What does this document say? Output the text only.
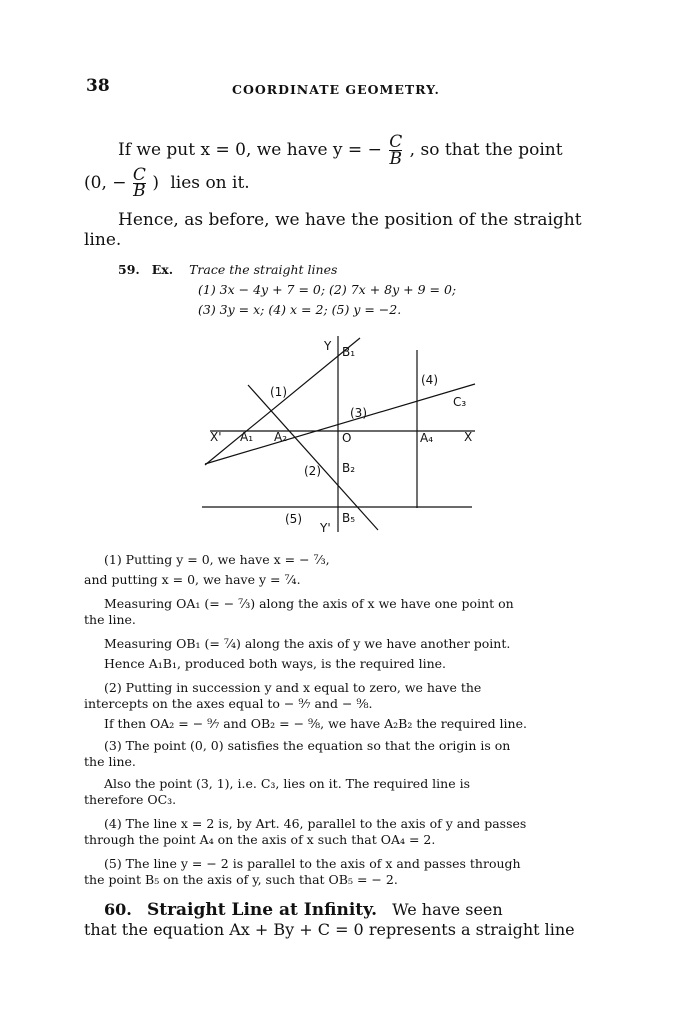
38	COORDINATE GEOMETRY.
If we put x = 0, we have y = − $\frac{C}{B}$ , so that the point
(0, − $\frac{C}{B}$ ) lies on it.
Hence, as before, we have the position of the straight
line.
59. Ex. Trace the straight lines
(1) 3x − 4y + 7 = 0; (2) 7x + 8y + 9 = 0;
(3) 3y = x; (4) x = 2; (5) y = −2.
Y
Y'
X'	X
O
B₁
B₂
B₅
A₁ A₂	A₄
C₃
(1)
(2)
(3)
(4)
(5)
(1) Putting y = 0, we have x = − ⁷⁄₃,
and putting x = 0, we have y = ⁷⁄₄.
Measuring OA₁ (= − ⁷⁄₃) along the axis of x we have one point on
the line.
Measuring OB₁ (= ⁷⁄₄) along the axis of y we have another point.
Hence A₁B₁, produced both ways, is the required line.
(2) Putting in succession y and x equal to zero, we have the
intercepts on the axes equal to − ⁹⁄₇ and − ⁹⁄₈.
If then OA₂ = − ⁹⁄₇ and OB₂ = − ⁹⁄₈, we have A₂B₂ the required line.
(3) The point (0, 0) satisfies the equation so that the origin is on
the line.
Also the point (3, 1), i.e. C₃, lies on it. The required line is
therefore OC₃.
(4) The line x = 2 is, by Art. 46, parallel to the axis of y and passes
through the point A₄ on the axis of x such that OA₄ = 2.
(5) The line y = − 2 is parallel to the axis of x and passes through
the point B₅ on the axis of y, such that OB₅ = − 2.
60. Straight Line at Infinity. We have seen
that the equation Ax + By + C = 0 represents a straight line
